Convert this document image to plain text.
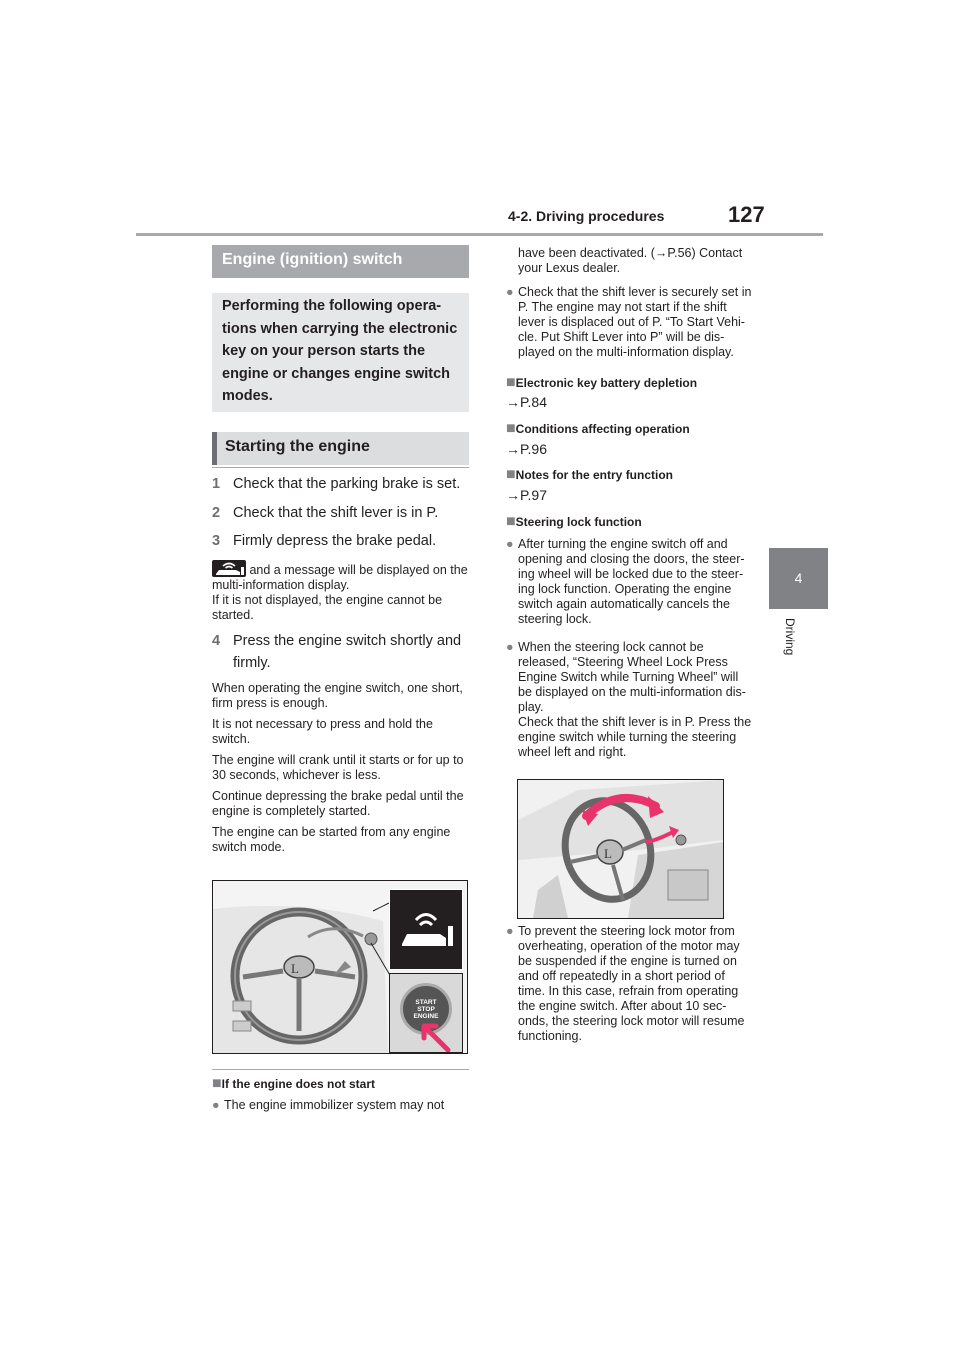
4-2. Driving procedures	127
4
Driving
Engine (ignition) switch
Performing the following opera- tions when carrying the electronic key on your person starts the engine or changes engine switch modes.
Starting the engine
1 Check that the parking brake is set.
2 Check that the shift lever is in P.
3 Firmly depress the brake pedal.
and a message will be displayed on the multi-information display.
If it is not displayed, the engine cannot be started.
4 Press the engine switch shortly and firmly.
When operating the engine switch, one short, firm press is enough.
It is not necessary to press and hold the switch.
The engine will crank until it starts or for up to 30 seconds, whichever is less.
Continue depressing the brake pedal until the engine is completely started.
The engine can be started from any engine switch mode.
L
START STOP ENGINE
■If the engine does not start
● The engine immobilizer system may not
have been deactivated. (→P.56) Contact your Lexus dealer.
● Check that the shift lever is securely set in P. The engine may not start if the shift lever is displaced out of P. “To Start Vehi- cle. Put Shift Lever into P” will be dis- played on the multi-information display.
■Electronic key battery depletion
→P.84
■Conditions affecting operation
→P.96
■Notes for the entry function
→P.97
■Steering lock function
● After turning the engine switch off and opening and closing the doors, the steer- ing wheel will be locked due to the steer- ing lock function. Operating the engine switch again automatically cancels the steering lock.
● When the steering lock cannot be released, “Steering Wheel Lock Press Engine Switch while Turning Wheel” will be displayed on the multi-information dis- play.
Check that the shift lever is in P. Press the engine switch while turning the steering wheel left and right.
L
● To prevent the steering lock motor from overheating, operation of the motor may be suspended if the engine is turned on and off repeatedly in a short period of time. In this case, refrain from operating the engine switch. After about 10 sec- onds, the steering lock motor will resume functioning.
